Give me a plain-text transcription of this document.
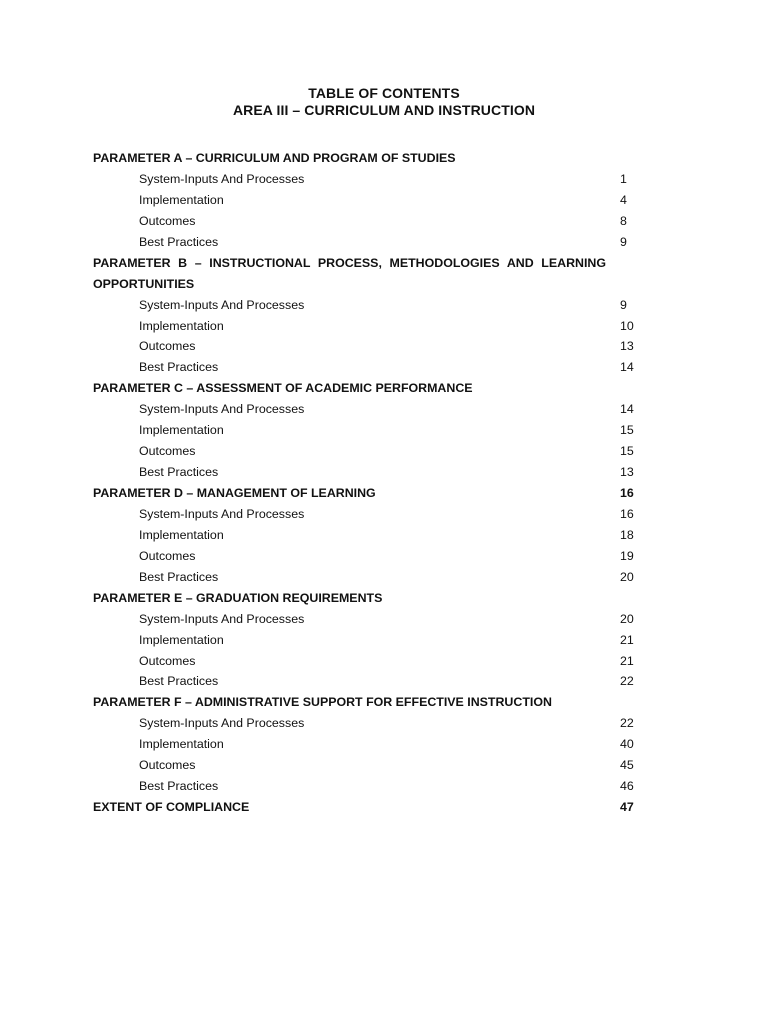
TABLE OF CONTENTS
AREA III – CURRICULUM AND INSTRUCTION
PARAMETER A – CURRICULUM AND PROGRAM OF STUDIES
System-Inputs And Processes	1
Implementation	4
Outcomes	8
Best Practices	9
PARAMETER B – INSTRUCTIONAL PROCESS, METHODOLOGIES AND LEARNING
OPPORTUNITIES
System-Inputs And Processes	9
Implementation	10
Outcomes	13
Best Practices	14
PARAMETER C – ASSESSMENT OF ACADEMIC PERFORMANCE
System-Inputs And Processes	14
Implementation	15
Outcomes	15
Best Practices	13
PARAMETER D – MANAGEMENT OF LEARNING	16
System-Inputs And Processes	16
Implementation	18
Outcomes	19
Best Practices	20
PARAMETER E – GRADUATION REQUIREMENTS
System-Inputs And Processes	20
Implementation	21
Outcomes	21
Best Practices	22
PARAMETER F – ADMINISTRATIVE SUPPORT FOR EFFECTIVE INSTRUCTION
System-Inputs And Processes	22
Implementation	40
Outcomes	45
Best Practices	46
EXTENT OF COMPLIANCE	47
